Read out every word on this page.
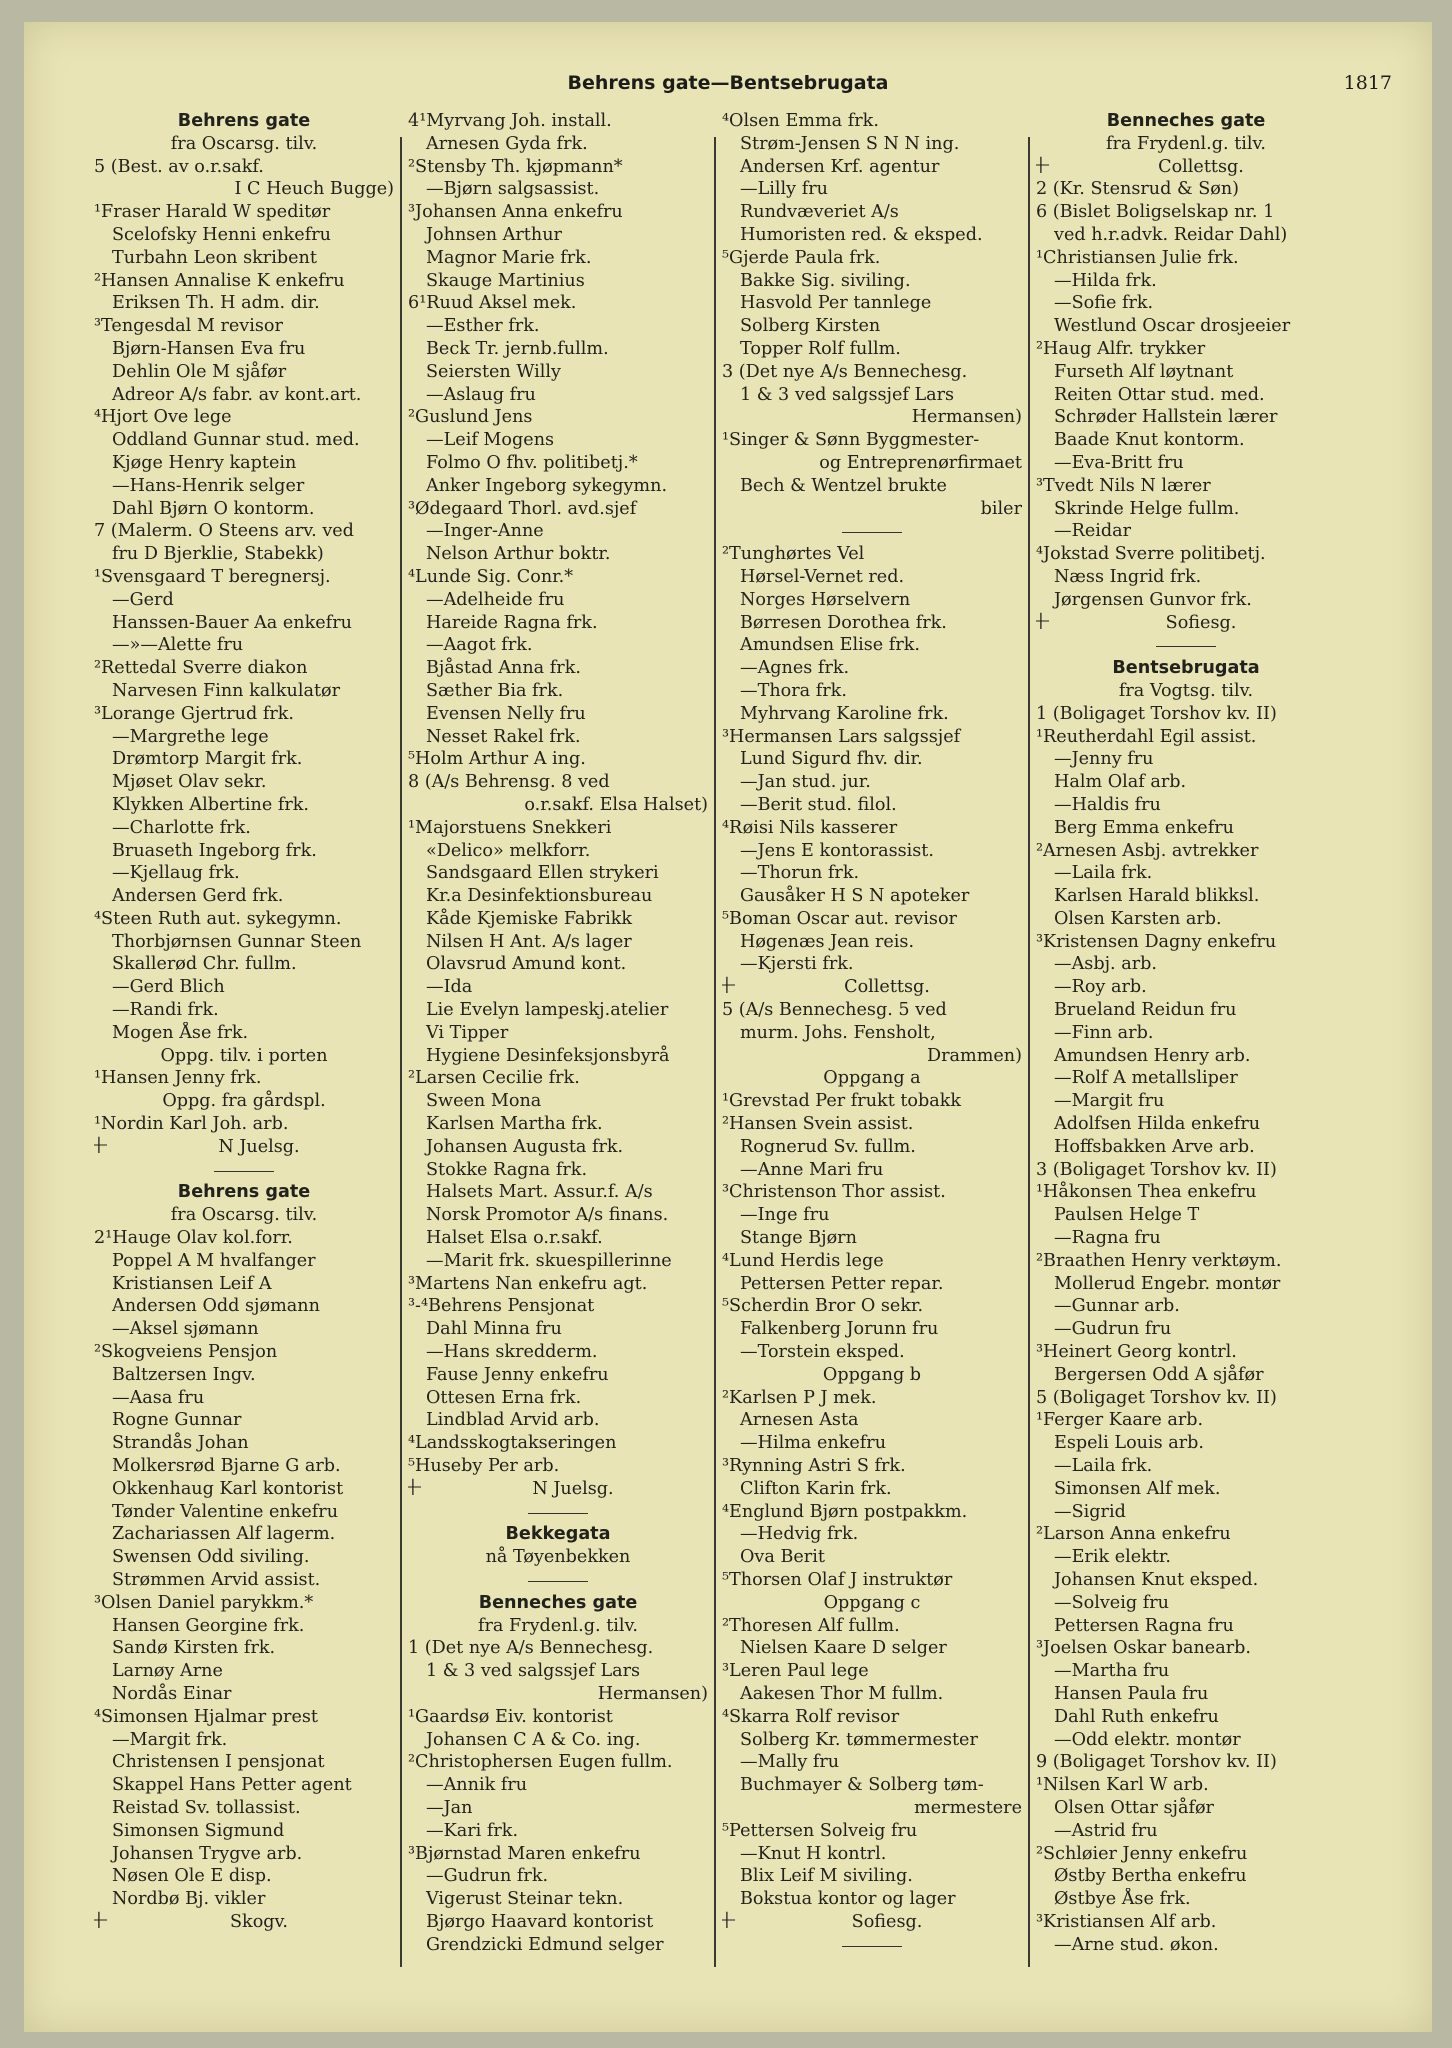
Behrens gate—Bentsebrugata	1817
Behrens gate
fra Oscarsg. tilv.
5 (Best. av o.r.sakf.
I C Heuch Bugge)
¹Fraser Harald W speditør
Scelofsky Henni enkefru
Turbahn Leon skribent
²Hansen Annalise K enkefru
Eriksen Th. H adm. dir.
³Tengesdal M revisor
Bjørn-Hansen Eva fru
Dehlin Ole M sjåfør
Adreor A/s fabr. av kont.art.
⁴Hjort Ove lege
Oddland Gunnar stud. med.
Kjøge Henry kaptein
—Hans-Henrik selger
Dahl Bjørn O kontorm.
7 (Malerm. O Steens arv. ved
fru D Bjerklie, Stabekk)
¹Svensgaard T beregnersj.
—Gerd
Hanssen-Bauer Aa enkefru
—»—Alette fru
²Rettedal Sverre diakon
Narvesen Finn kalkulatør
³Lorange Gjertrud frk.
—Margrethe lege
Drømtorp Margit frk.
Mjøset Olav sekr.
Klykken Albertine frk.
—Charlotte frk.
Bruaseth Ingeborg frk.
—Kjellaug frk.
Andersen Gerd frk.
⁴Steen Ruth aut. sykegymn.
Thorbjørnsen Gunnar Steen
Skallerød Chr. fullm.
—Gerd Blich
—Randi frk.
Mogen Åse frk.
Oppg. tilv. i porten
¹Hansen Jenny frk.
Oppg. fra gårdspl.
¹Nordin Karl Joh. arb.
+ N Juelsg.
Behrens gate
fra Oscarsg. tilv.
2¹Hauge Olav kol.forr.
Poppel A M hvalfanger
Kristiansen Leif A
Andersen Odd sjømann
—Aksel sjømann
²Skogveiens Pensjon
Baltzersen Ingv.
—Aasa fru
Rogne Gunnar
Strandås Johan
Molkersrød Bjarne G arb.
Okkenhaug Karl kontorist
Tønder Valentine enkefru
Zachariassen Alf lagerm.
Swensen Odd siviling.
Strømmen Arvid assist.
³Olsen Daniel parykkm.*
Hansen Georgine frk.
Sandø Kirsten frk.
Larnøy Arne
Nordås Einar
⁴Simonsen Hjalmar prest
—Margit frk.
Christensen I pensjonat
Skappel Hans Petter agent
Reistad Sv. tollassist.
Simonsen Sigmund
Johansen Trygve arb.
Nøsen Ole E disp.
Nordbø Bj. vikler
+ Skogv.
4¹Myrvang Joh. install.
Arnesen Gyda frk.
²Stensby Th. kjøpmann*
—Bjørn salgsassist.
³Johansen Anna enkefru
Johnsen Arthur
Magnor Marie frk.
Skauge Martinius
6¹Ruud Aksel mek.
—Esther frk.
Beck Tr. jernb.fullm.
Seiersten Willy
—Aslaug fru
²Guslund Jens
—Leif Mogens
Folmo O fhv. politibetj.*
Anker Ingeborg sykegymn.
³Ødegaard Thorl. avd.sjef
—Inger-Anne
Nelson Arthur boktr.
⁴Lunde Sig. Conr.*
—Adelheide fru
Hareide Ragna frk.
—Aagot frk.
Bjåstad Anna frk.
Sæther Bia frk.
Evensen Nelly fru
Nesset Rakel frk.
⁵Holm Arthur A ing.
8 (A/s Behrensg. 8 ved
o.r.sakf. Elsa Halset)
¹Majorstuens Snekkeri
«Delico» melkforr.
Sandsgaard Ellen strykeri
Kr.a Desinfektionsbureau
Kåde Kjemiske Fabrikk
Nilsen H Ant. A/s lager
Olavsrud Amund kont.
—Ida
Lie Evelyn lampeskj.atelier
Vi Tipper
Hygiene Desinfeksjonsbyrå
²Larsen Cecilie frk.
Sween Mona
Karlsen Martha frk.
Johansen Augusta frk.
Stokke Ragna frk.
Halsets Mart. Assur.f. A/s
Norsk Promotor A/s finans.
Halset Elsa o.r.sakf.
—Marit frk. skuespillerinne
³Martens Nan enkefru agt.
³-⁴Behrens Pensjonat
Dahl Minna fru
—Hans skredderm.
Fause Jenny enkefru
Ottesen Erna frk.
Lindblad Arvid arb.
⁴Landsskogtakseringen
⁵Huseby Per arb.
+ N Juelsg.
Bekkegata
nå Tøyenbekken
Benneches gate
fra Frydenl.g. tilv.
1 (Det nye A/s Bennechesg.
1 & 3 ved salgssjef Lars
Hermansen)
¹Gaardsø Eiv. kontorist
Johansen C A & Co. ing.
²Christophersen Eugen fullm.
—Annik fru
—Jan
—Kari frk.
³Bjørnstad Maren enkefru
—Gudrun frk.
Vigerust Steinar tekn.
Bjørgo Haavard kontorist
Grendzicki Edmund selger
⁴Olsen Emma frk.
Strøm-Jensen S N N ing.
Andersen Krf. agentur
—Lilly fru
Rundvæveriet A/s
Humoristen red. & eksped.
⁵Gjerde Paula frk.
Bakke Sig. siviling.
Hasvold Per tannlege
Solberg Kirsten
Topper Rolf fullm.
3 (Det nye A/s Bennechesg.
1 & 3 ved salgssjef Lars
Hermansen)
¹Singer & Sønn Byggmester-
og Entreprenørfirmaet
Bech & Wentzel brukte
biler
²Tunghørtes Vel
Hørsel-Vernet red.
Norges Hørselvern
Børresen Dorothea frk.
Amundsen Elise frk.
—Agnes frk.
—Thora frk.
Myhrvang Karoline frk.
³Hermansen Lars salgssjef
Lund Sigurd fhv. dir.
—Jan stud. jur.
—Berit stud. filol.
⁴Røisi Nils kasserer
—Jens E kontorassist.
—Thorun frk.
Gausåker H S N apoteker
⁵Boman Oscar aut. revisor
Høgenæs Jean reis.
—Kjersti frk.
+ Collettsg.
5 (A/s Bennechesg. 5 ved
murm. Johs. Fensholt,
Drammen)
Oppgang a
¹Grevstad Per frukt tobakk
²Hansen Svein assist.
Rognerud Sv. fullm.
—Anne Mari fru
³Christenson Thor assist.
—Inge fru
Stange Bjørn
⁴Lund Herdis lege
Pettersen Petter repar.
⁵Scherdin Bror O sekr.
Falkenberg Jorunn fru
—Torstein eksped.
Oppgang b
²Karlsen P J mek.
Arnesen Asta
—Hilma enkefru
³Rynning Astri S frk.
Clifton Karin frk.
⁴Englund Bjørn postpakkm.
—Hedvig frk.
Ova Berit
⁵Thorsen Olaf J instruktør
Oppgang c
²Thoresen Alf fullm.
Nielsen Kaare D selger
³Leren Paul lege
Aakesen Thor M fullm.
⁴Skarra Rolf revisor
Solberg Kr. tømmermester
—Mally fru
Buchmayer & Solberg tøm-
mermestere
⁵Pettersen Solveig fru
—Knut H kontrl.
Blix Leif M siviling.
Bokstua kontor og lager
+ Sofiesg.
Benneches gate
fra Frydenl.g. tilv.
+ Collettsg.
2 (Kr. Stensrud & Søn)
6 (Bislet Boligselskap nr. 1
ved h.r.advk. Reidar Dahl)
¹Christiansen Julie frk.
—Hilda frk.
—Sofie frk.
Westlund Oscar drosjeeier
²Haug Alfr. trykker
Furseth Alf løytnant
Reiten Ottar stud. med.
Schrøder Hallstein lærer
Baade Knut kontorm.
—Eva-Britt fru
³Tvedt Nils N lærer
Skrinde Helge fullm.
—Reidar
⁴Jokstad Sverre politibetj.
Næss Ingrid frk.
Jørgensen Gunvor frk.
+ Sofiesg.
Bentsebrugata
fra Vogtsg. tilv.
1 (Boligaget Torshov kv. II)
¹Reutherdahl Egil assist.
—Jenny fru
Halm Olaf arb.
—Haldis fru
Berg Emma enkefru
²Arnesen Asbj. avtrekker
—Laila frk.
Karlsen Harald blikksl.
Olsen Karsten arb.
³Kristensen Dagny enkefru
—Asbj. arb.
—Roy arb.
Brueland Reidun fru
—Finn arb.
Amundsen Henry arb.
—Rolf A metallsliper
—Margit fru
Adolfsen Hilda enkefru
Hoffsbakken Arve arb.
3 (Boligaget Torshov kv. II)
¹Håkonsen Thea enkefru
Paulsen Helge T
—Ragna fru
²Braathen Henry verktøym.
Mollerud Engebr. montør
—Gunnar arb.
—Gudrun fru
³Heinert Georg kontrl.
Bergersen Odd A sjåfør
5 (Boligaget Torshov kv. II)
¹Ferger Kaare arb.
Espeli Louis arb.
—Laila frk.
Simonsen Alf mek.
—Sigrid
²Larson Anna enkefru
—Erik elektr.
Johansen Knut eksped.
—Solveig fru
Pettersen Ragna fru
³Joelsen Oskar banearb.
—Martha fru
Hansen Paula fru
Dahl Ruth enkefru
—Odd elektr. montør
9 (Boligaget Torshov kv. II)
¹Nilsen Karl W arb.
Olsen Ottar sjåfør
—Astrid fru
²Schløier Jenny enkefru
Østby Bertha enkefru
Østbye Åse frk.
³Kristiansen Alf arb.
—Arne stud. økon.
